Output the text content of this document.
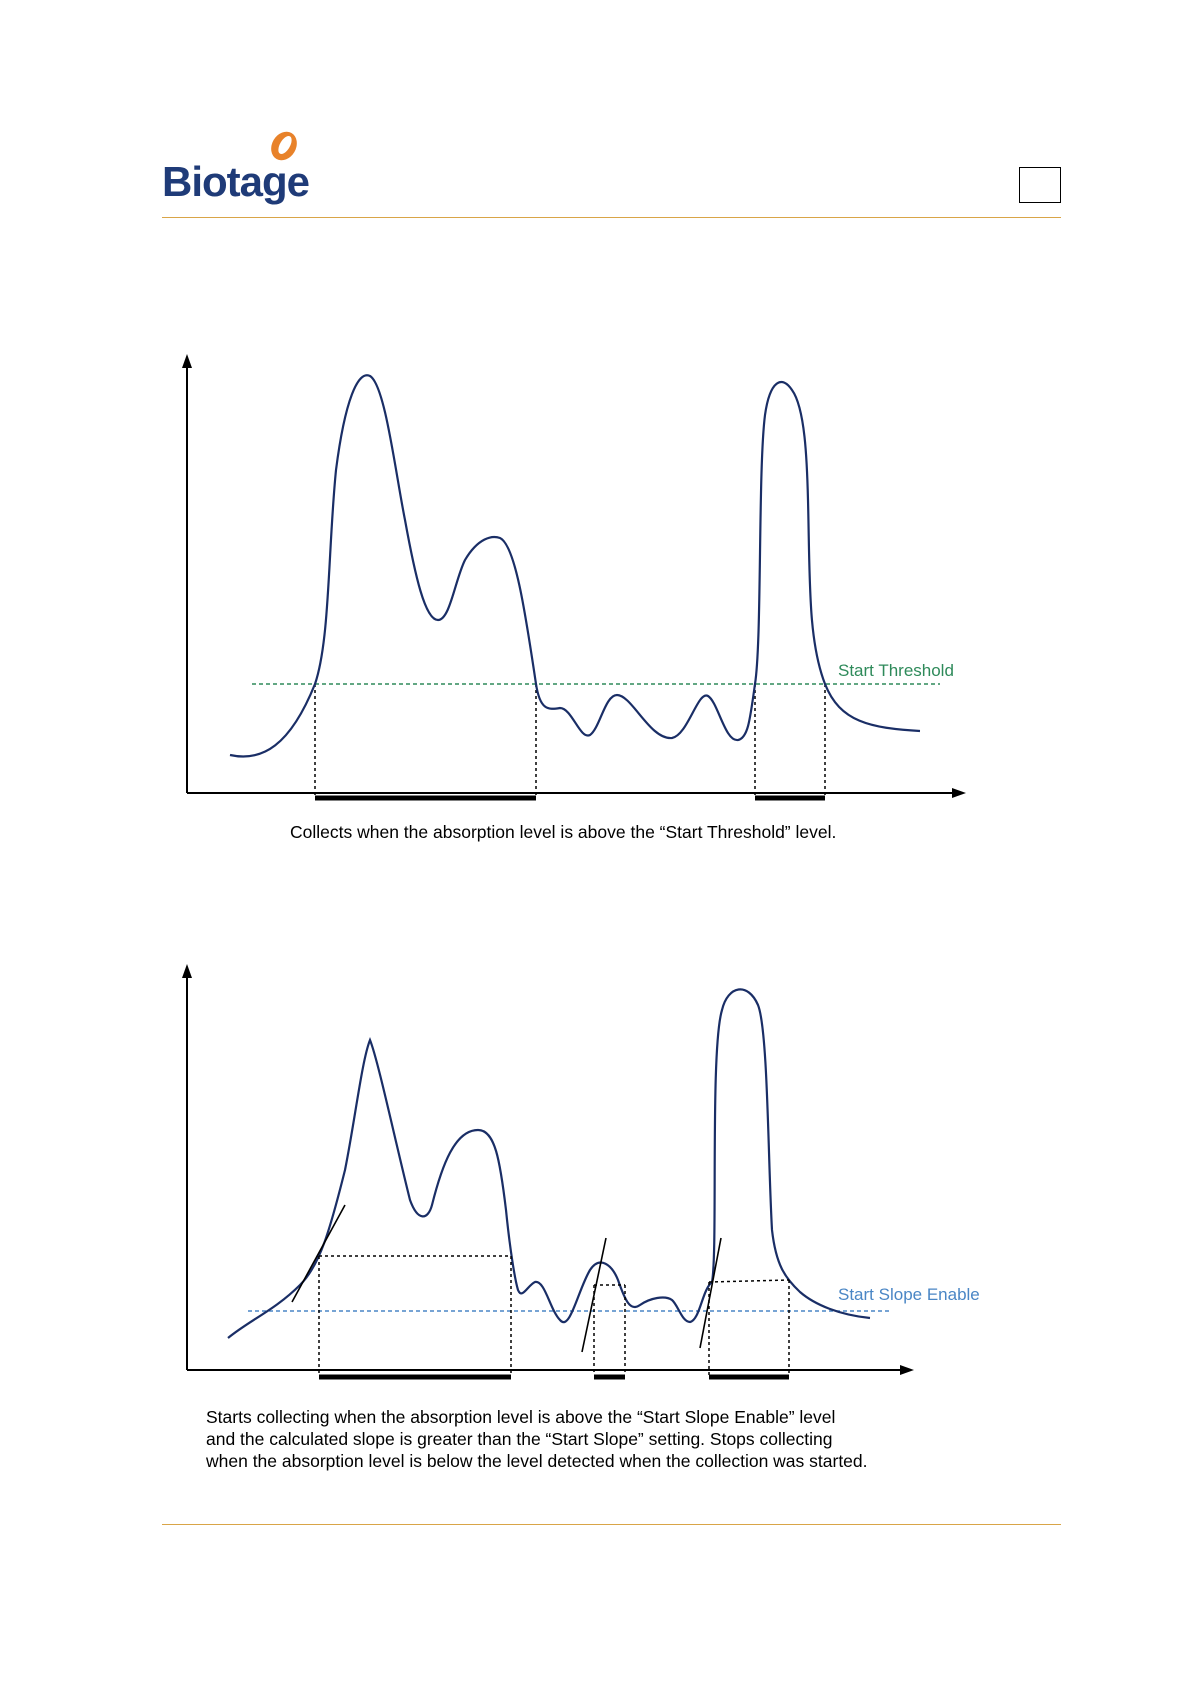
Biotage
Start Threshold
Collects when the absorption level is above the “Start Threshold” level.
Start Slope Enable
Starts collecting when the absorption level is above the “Start Slope Enable” level
and the calculated slope is greater than the “Start Slope” setting. Stops collecting
when the absorption level is below the level detected when the collection was started.
